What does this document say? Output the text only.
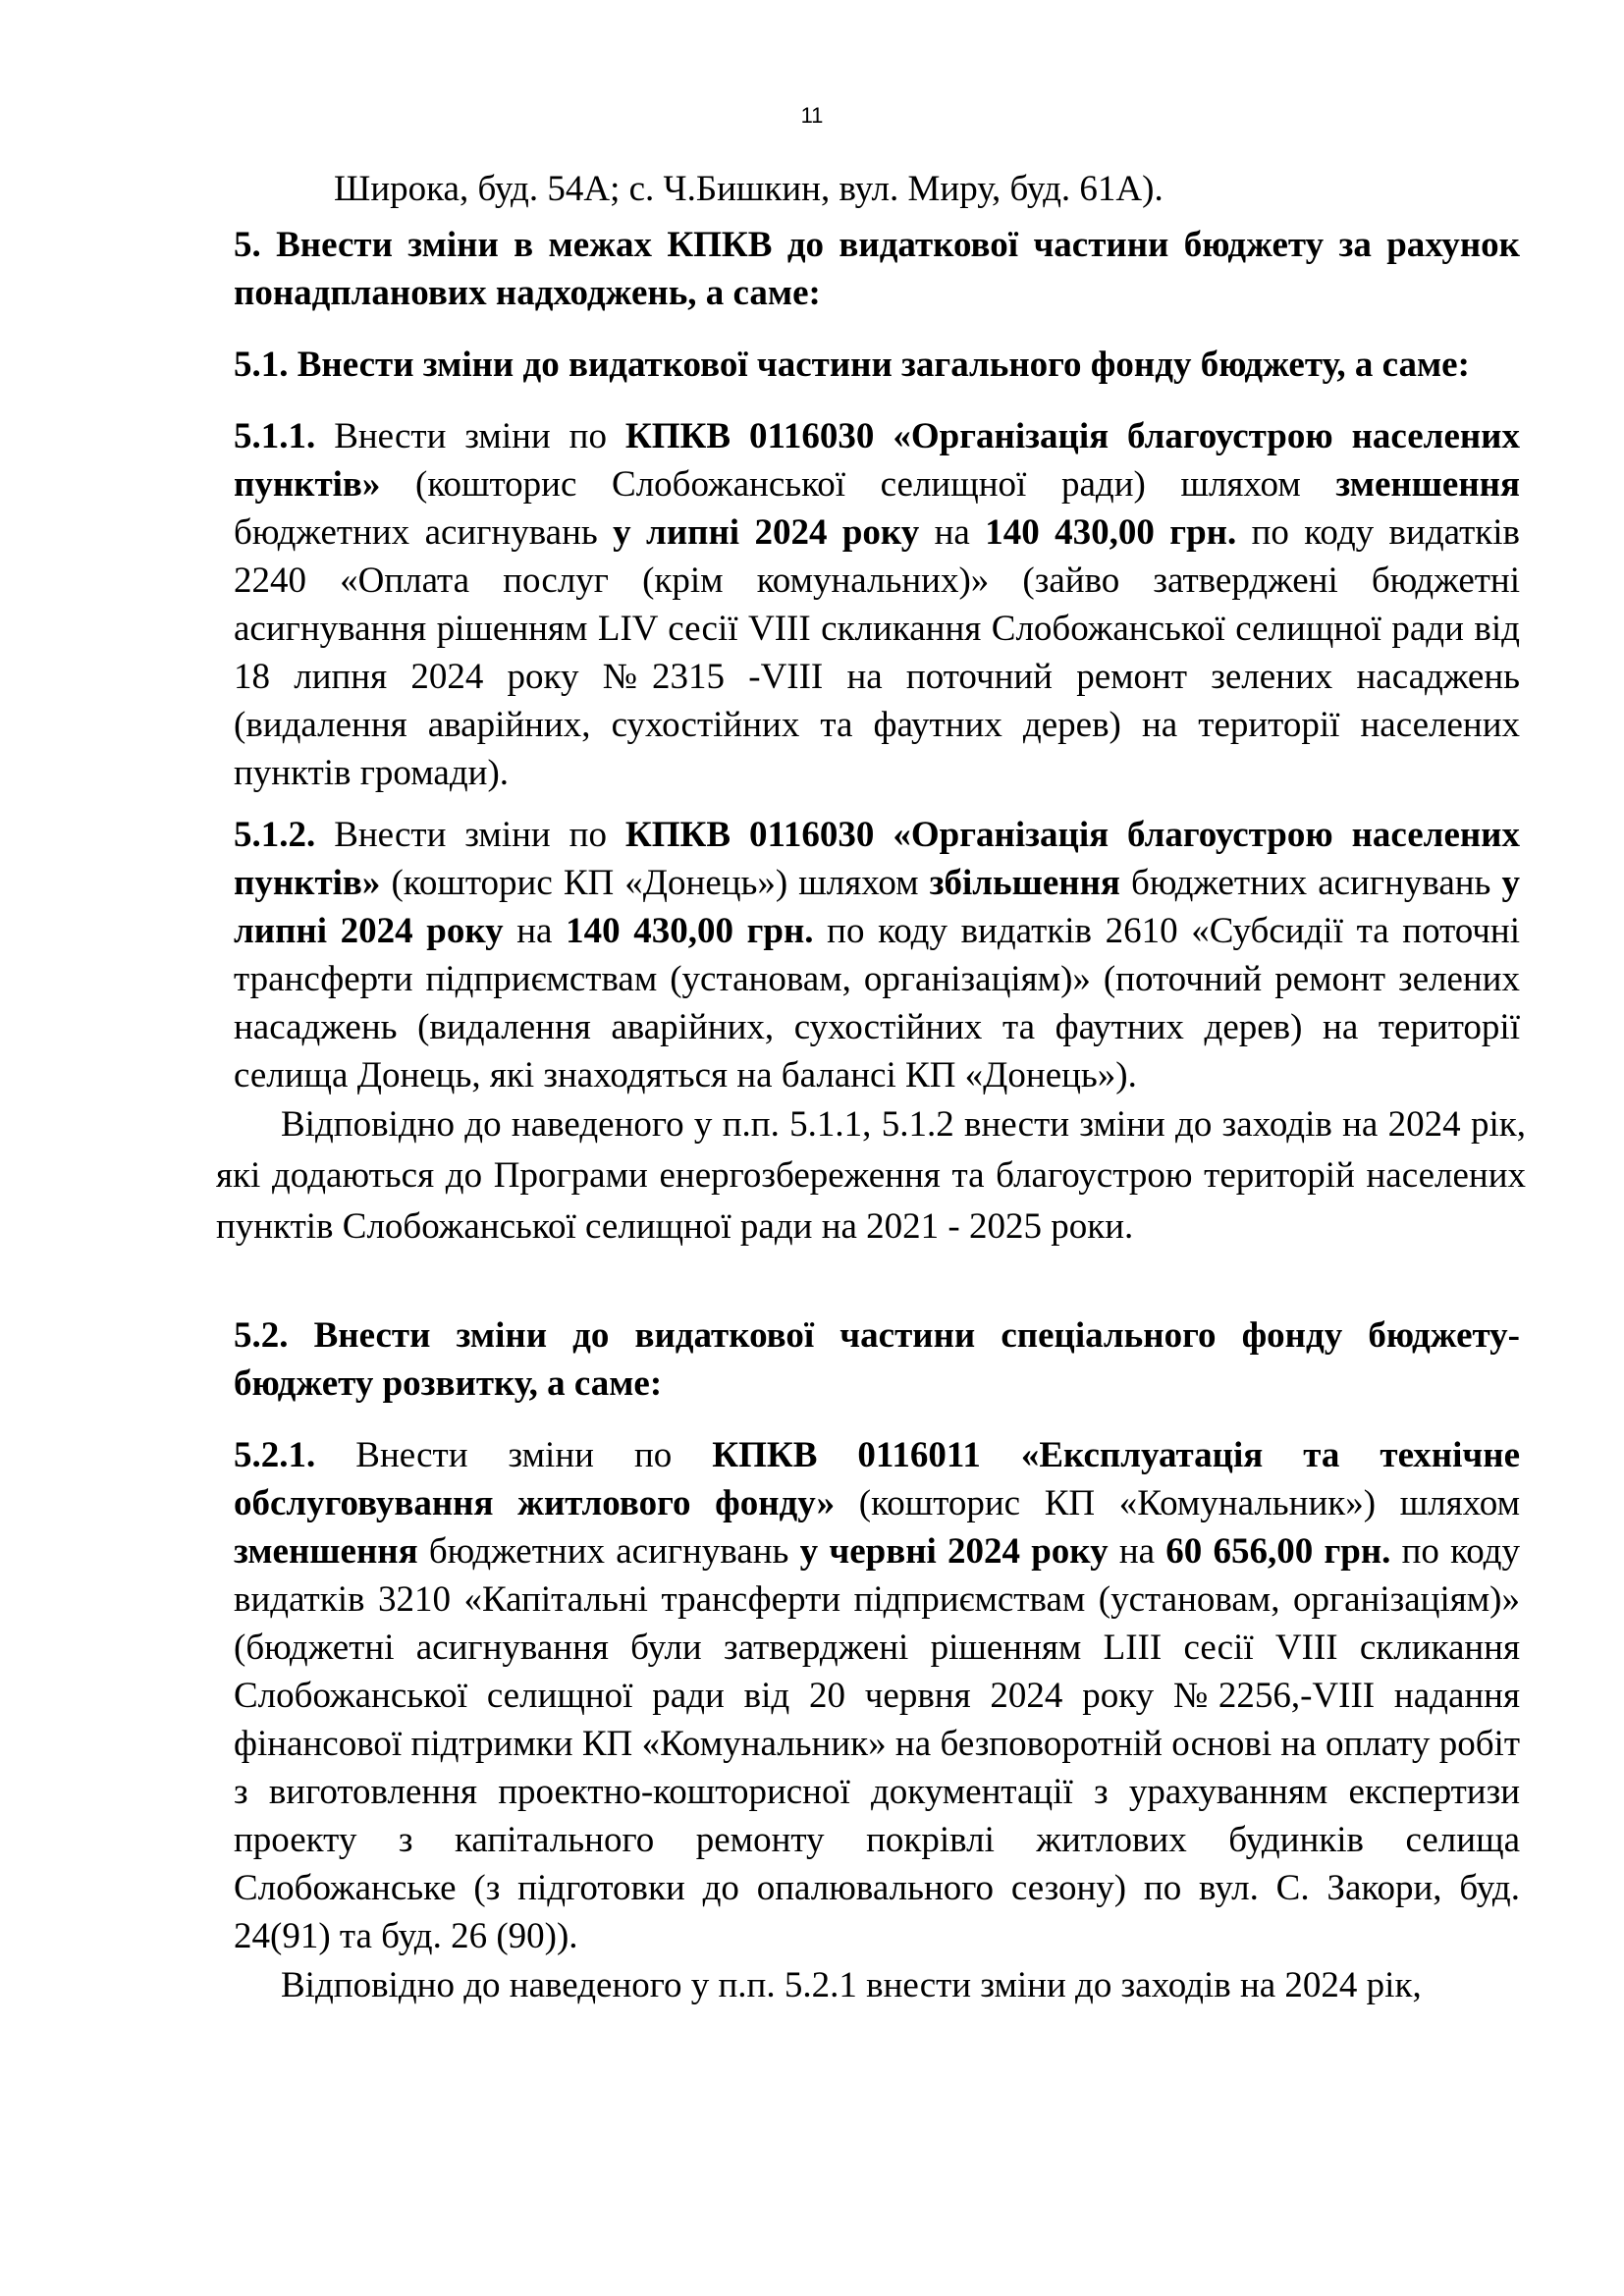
11

Широка, буд. 54А; с. Ч.Бишкин, вул. Миру, буд. 61А).

5. Внести зміни в межах КПКВ до видаткової частини бюджету за рахунок понадпланових надходжень, а саме:

5.1. Внести зміни до видаткової частини загального фонду бюджету, а саме:

5.1.1. Внести зміни по КПКВ 0116030 «Організація благоустрою населених пунктів» (кошторис Слобожанської селищної ради) шляхом зменшення бюджетних асигнувань у липні 2024 року на 140 430,00 грн. по коду видатків 2240 «Оплата послуг (крім комунальних)» (зайво затверджені бюджетні асигнування рішенням LIV сесії VIII скликання Слобожанської селищної ради від 18 липня 2024 року №2315 -VIII на поточний ремонт зелених насаджень (видалення аварійних, сухостійних та фаутних дерев) на території населених пунктів громади).

5.1.2. Внести зміни по КПКВ 0116030 «Організація благоустрою населених пунктів» (кошторис КП «Донець») шляхом збільшення бюджетних асигнувань у липні 2024 року на 140 430,00 грн. по коду видатків 2610 «Субсидії та поточні трансферти підприємствам (установам, організаціям)» (поточний ремонт зелених насаджень (видалення аварійних, сухостійних та фаутних дерев) на території селища Донець, які знаходяться на балансі КП «Донець»).

Відповідно до наведеного у п.п. 5.1.1, 5.1.2 внести зміни до заходів на 2024 рік, які додаються до Програми енергозбереження та благоустрою територій населених пунктів Слобожанської селищної ради на 2021 - 2025 роки.

5.2. Внести зміни до видаткової частини спеціального фонду бюджету-бюджету розвитку, а саме:

5.2.1. Внести зміни по КПКВ 0116011 «Експлуатація та технічне обслуговування житлового фонду» (кошторис КП «Комунальник») шляхом зменшення бюджетних асигнувань у червні 2024 року на 60 656,00 грн. по коду видатків 3210 «Капітальні трансферти підприємствам (установам, організаціям)» (бюджетні асигнування були затверджені рішенням LIII сесії VIII скликання Слобожанської селищної ради від 20 червня 2024 року №2256,-VIII надання фінансової підтримки КП «Комунальник» на безповоротній основі на оплату робіт з виготовлення проектно-кошторисної документації з урахуванням експертизи проекту з капітального ремонту покрівлі житлових будинків селища Слобожанське (з підготовки до опалювального сезону) по вул. С. Закори, буд. 24(91) та буд. 26 (90)).

Відповідно до наведеного у п.п. 5.2.1 внести зміни до заходів на 2024 рік,
